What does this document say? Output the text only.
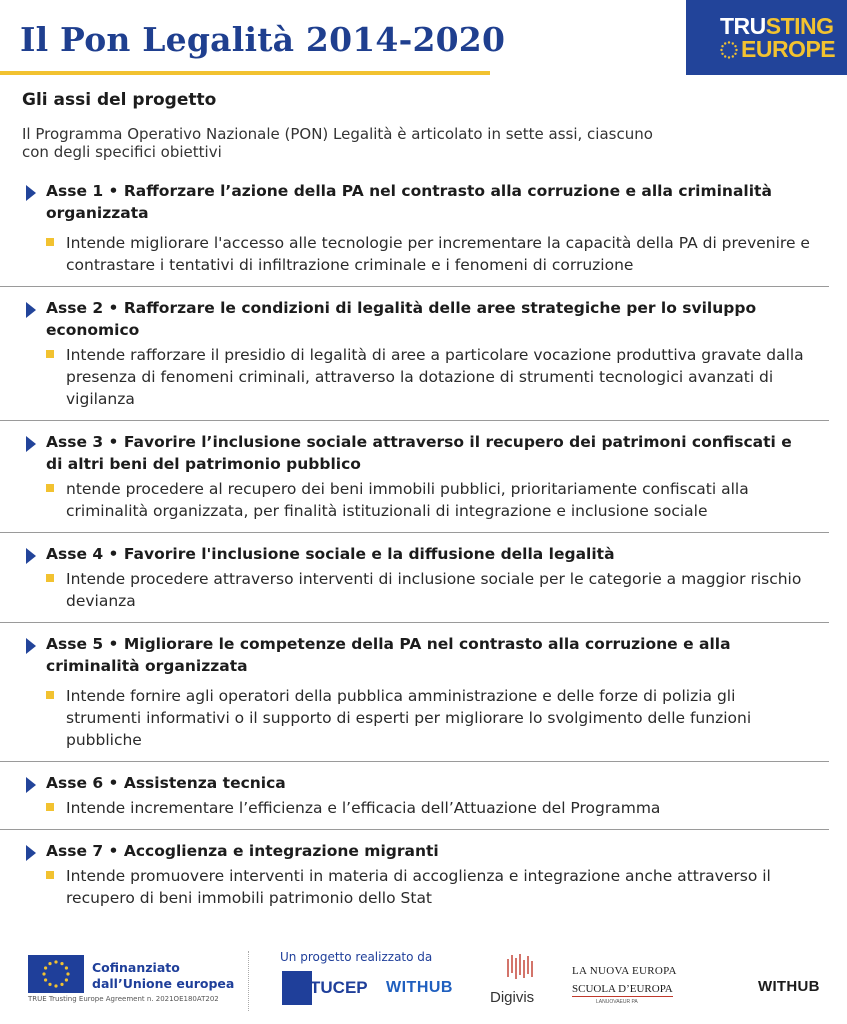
Il Pon Legalità 2014-2020	TRUSTING
EUROPE
Gli assi del progetto

Il Programma Operativo Nazionale (PON) Legalità è articolato in sette assi, ciascuno con degli specifici obiettivi

Asse 1 • Rafforzare l’azione della PA nel contrasto alla corruzione e alla criminalità organizzata
Intende migliorare l'accesso alle tecnologie per incrementare la capacità della PA di prevenire e contrastare i tentativi di infiltrazione criminale e i fenomeni di corruzione
Asse 2 • Rafforzare le condizioni di legalità delle aree strategiche per lo sviluppo economico
Intende rafforzare il presidio di legalità di aree a particolare vocazione produttiva gravate dalla presenza di fenomeni criminali, attraverso la dotazione di strumenti tecnologici avanzati di vigilanza
Asse 3 • Favorire l’inclusione sociale attraverso il recupero dei patrimoni confiscati e di altri beni del patrimonio pubblico
ntende procedere al recupero dei beni immobili pubblici, prioritariamente confiscati alla criminalità organizzata, per finalità istituzionali di integrazione e inclusione sociale
Asse 4 • Favorire l'inclusione sociale e la diffusione della legalità
Intende procedere attraverso interventi di inclusione sociale per le categorie a maggior rischio devianza
Asse 5 • Migliorare le competenze della PA nel contrasto alla corruzione e alla criminalità organizzata
Intende fornire agli operatori della pubblica amministrazione e delle forze di polizia gli strumenti informativi o il supporto di esperti per migliorare lo svolgimento delle funzioni pubbliche
Asse 6 • Assistenza tecnica
Intende incrementare l’efficienza e l’efficacia dell’Attuazione del Programma
Asse 7 • Accoglienza e integrazione migranti
Intende promuovere interventi in materia di accoglienza e integrazione anche attraverso il recupero di beni immobili patrimonio dello Stat
Cofinanziato
dall’Unione europea
TRUE Trusting Europe Agreement n. 2021OE180AT202
Un progetto realizzato da
TUCEP WITHUB
Digivis
LA NUOVA EUROPA
SCUOLA D’EUROPA
LANUOVAEUR PA
WITHUB
